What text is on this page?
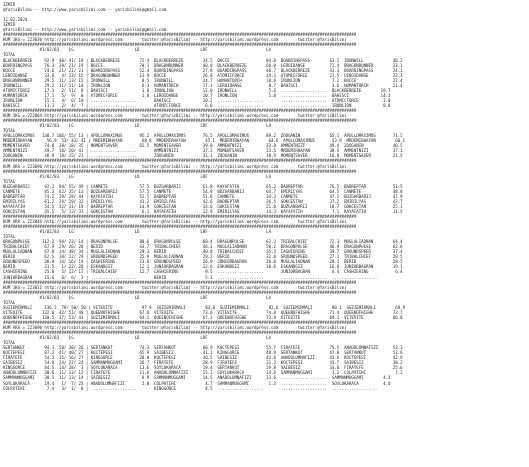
IZMIR
@YarisBilimi -- http://www.yarisbilimi.com -- yarisbilimi@gmail.com
12.02.2024
IZMIR
@YarisBilimi -- http://www.yarisbilimi.com -- yarisbilimi@gmail.com
#################################################################################################################################################
KUM 1KG = 223030 http://yarisbilimi.wordpress.com        twitter:@YarisBilimi -- http://yarisbilimi.wordpress.com        twitter:@YarisBilimi
#################################################################################################################################################
#1/02/83    LG                         LD                         LRF                        LA
TOTAL
BLACKBERREZE     92.9  40/ 41/ 19 | BLACKBERREZE        72.4  BLACKBERREZE        34.5  BOCCE               84.0  BOARDINGPASS        63.1  IRONWILL            48.2
BOARDINGPASS     76.3  28/ 21/ 19 | BOCCE               70.1  DRAGONRUNNER        40.0  BLACKBERREZE        60.0  LEROIDANSE          72.4  DRAGONRUNNER        23.1
BOCCE            74.6  21/ 21/ 21 | BOARDINGPASS        52.4  BOARDINGPASS        27.8  BOARDINGPASS        40.7  BLACKBERREZE        41.3  BOARDINGPASS        24.1
LEROIDANSE       33.8   4/ 13/ 15 | DRAGONRUNNER        13.9  BOCCE               26.0  ATOMICFORCE         14.3  ATOMICFORCE         21.5  LEROIDANSE          23.3
DRAGONRUNNER     29.5  11/ 13/ 15 | IRONWILL             8.5  IRONWILL            24.7  HUMANTORCH          10.8  IRONLION             7.2  BOCCE               22.4
IRONWILL         29.2  11/ 11/ 10 | IRONLION             6.3  HUMANTORCH          17.3  LEROIDANSE           8.7  BAHISCI              3.6  HUMANTORCH          21.4
ATOMICFORCE      17.3   2/ 11/  8 | BAHISCI              3.6  IRONLION            12.0  IRONWILL             5.6  ...................  BLACKBERREZE        19.7
HUMANTORCH       17.1   5/  9/  8 | ATOMICFORCE          1.8  LEROIDANSE          10.7  IRONLION             5.0  ...................  BAHISCI             14.3
IRONLION         15.1   4/  6/ 10 | ...................       BAHISCI             10.2  ...................       ...................  ATOMICFORCE          3.0
BAHISCI          11.3   2/  4/  7 | ...................       ATOMICFORCE          6.0  ...................       ...................  IRONLION             0.8
#################################################################################################################################################
KUM 1KG = 222064 http://yarisbilimi.wordpress.com        twitter:@YarisBilimi -- http://yarisbilimi.wordpress.com        twitter:@YarisBilimi
#################################################################################################################################################
#1/02/83    LG                         LD                         LRF                        LA
TOTAL
APOLLOMAXIMUS   138.7 106/ 55/ 13 | APOLLOMAXIMUS       95.2  APOLLOMAXIMUS       76.5  APOLLOMAXIMUS       89.2  ZOOGANIN            65.1  APOLLOMAXIMUS       71.5
MRDEMIRHAYAN      56.9  53/ 43/ 41 | MRDEMIRHAYAN        68.8  MRDEMIRHAYAN        45.1  MRDEMIRHAYAN        64.6  APOLLOMAXIMUS       53.9  MRDEMIRHAYAN        60.1
MOMENTSAVER      74.8  28/ 18/ 35 | MOMENTSAVER         65.5  MOMENTSAVER         39.0  AMMENTNIZI          33.8  AMMENTNIZI          49.4  ZOOGANIN            40.5
AMMENTNIZI       49.7  10/ 20/ 41 | ...................       AMMENTNIZI          37.2  MOMENTSAVER         33.5  MRDEMIRHAYAN        38.5  AMMENTNIZI          37.1
ZOOGANIN         46.9  18/ 15/ 21 | ...................       ZOOGANIN            31.3  ZOOGANIN            10.9  MOMENTSAVER         16.8  MOMENTSAVER         21.5
#################################################################################################################################################
KUM ARA = 223098 http://yarisbilimi.wordpress.com        twitter:@YarisBilimi -- http://yarisbilimi.wordpress.com        twitter:@YarisBilimi
#################################################################################################################################################
#1/02/83    LG                         LD                         LRF                        LA
TOTAL
BUZGARBARIJ      92.2  94/ 55/ 49 | CANMETE             57.5  BUZGARBARIJ         61.8  KAYAFATIH           65.2  BADREPTAR           76.5  BADREPTAR           51.5
CANMETE          85.3  62/ 35/ 13 | BUZGARBARIJ         57.5  CANMETE             54.9  BUZGARBARIJ         64.7  EMIRILYAS           64.5  CANMETE             48.8
BADREPTAR        74.2  29/ 28/ 44 | KAYAFATIH           52.5  BADREPTAR           51.6  CANMETE             34.3  CANMETE             47.2  BUZGARBARIJ         47.9
EMIRILYAS        61.2  24/ 29/ 32 | EMIRILYAS           41.2  EMIRILYAS           42.6  BADREPTAR           26.5  GOKCESTAN           37.2  EMIRILYAS           43.7
KAYAFATIH        54.5  32/ 31/ 19 | BADREPTAR           14.9  GOKCESTAN           14.6  GOKCESTAN           21.0  BUZGARBARIJ         18.7  GOKCESTAN           25.1
GOKCESTAN        35.5   5/ 12/ 31 | GOKCESTAN            6.1  KAYAFATIH           12.9  EMIRILYAS           14.3  KAYAFATIH            7.1  KAYAFATIH           11.5
#################################################################################################################################################
KUM ARA = 223046 http://yarisbilimi.wordpress.com        twitter:@YarisBilimi -- http://yarisbilimi.wordpress.com        twitter:@YarisBilimi
#################################################################################################################################################
#1/02/83    LG                         LD                         LRF                        LA
TOTAL
DRAGONPULSE     112.2  94/ 23/ 14 | DRAGONPULSE         80.6  DRAGONPULSE         60.4  DRAGONPULSE         62.3  TRIBALCHIEF         72.3  MUGLALIADNAN        64.4
TRIBALCHIEF      67.9  29/ 26/ 28 | BERID               43.7  TRIBALCHIEF         46.2  MUGLALIADNAN        58.2  DRAGONPULSE         46.9  DRAGONPULSE         62.6
MUGLALIADNAN     67.0  14/ 48/ 34 | MUGLALIADNAN        29.3  BERID               40.0  TRIBALCHIEF         35.3  CASHIERING          39.7  GROUNDSPEED         37.4
BERID            62.5  10/ 12/ 29 | GROUNDSPEED         25.9  MUGLALIADNAN        29.2  BERID               32.0  GROUNDSPEED         27.1  TRIBALCHIEF         29.5
GROUNDSPEED      36.8  14/ 16/ 19 | CASHIERING          23.6  GROUNDSPEED         26.0  JUNIORBAGRAN        26.0  MUGLALIADNAN        20.1  BERID               28.5
BERID            31.5   1/ 22/ 28 | ESKANDGIZ           12.1  JUNIORBAGRAN        12.6  ESKANDGIZ           10.6  ESKANDGIZ           16.8  JUNIORBAGRAN        19.1
CASHIERING       25.8   5/ 12/ 17 | TRIBALCHIEF         12.7  CASHIERING           9.5  ...................       JUNIORBAGRAN         6.4  CASHIERING           6.4
JUNIORBAGRAN     15.6   6/  6/  3 | ...................       BERID                5.1  ...................       ...................  ...................
#################################################################################################################################################
KUM 1KG = 223011 http://yarisbilimi.wordpress.com        twitter:@YarisBilimi -- http://yarisbilimi.wordpress.com        twitter:@YarisBilimi
#################################################################################################################################################
#1/02/83    LG                         LD                         LRF                        LA
TOTAL
SUZIEMIRMALI     136.5  79/ 50/ 50 | VITEVITE            97.9  SUZIEMIRMALI        83.8  SUZIEMIRMALI        82.6  SUZIEMIRMALI        80.1  SUZIEMIRMALI        69.9
VITEVITE        132.0  42/ 51/ 40 | QUEENOFHIGHE        67.6  VITEVITE            73.6  VITEVITE            74.0  QUEENOFHIGHE        71.4  QUEENOFHIGHE        72.7
QUEENOFHIGHE    130.5  37/ 53/ 43 | SUZIEMIRMALI        64.1  QUEENOFHIGHE        67.3  QUEENOFHIGHE        72.9  VITEVITE            69.1  VITEVITE            66.8
#################################################################################################################################################
KUM ARA = 223090 http://yarisbilimi.wordpress.com        twitter:@YarisBilimi -- http://yarisbilimi.wordpress.com        twitter:@YarisBilimi
#################################################################################################################################################
#1/02/83    LG                         LD                         LRF                        LA
TOTAL
SERTANKUT        94.1  50/ 30/ 26 | SERTANKUT           74.3  SERTANKUT           60.9  KOCTEPESI           55.7  FIRATEFE            75.5  ANADOLUMNAFIZI      53.3
KOCTEPESI        87.2  41/ 40/ 27 | KOCTEPESI           65.9  SAIBESIZ            41.1  KINGGORCE           48.9  SERTANKUT           47.0  SERTANKUT           51.6
FIRATEFE         54.3  35/ 16/ 27 | KINGGORCE           28.8  KOCTEPESI           30.5  SAIBESIZ            43.6  ANADOLUMNAFIZI      43.6  KOCTEPESI           42.9
SAIBESIZ         54.0  24/ 22/ 24 | SAMMANMUGGAMI       26.7  FIRATEFE            28.9  FIRATEFE            31.2  KOCTEPESI           43.7  SAIBESIZ            38.2
KINGGORCE        44.5  14/ 28/  3 | SOYLUKARACA         13.6  SOYLUKARACA         19.4  SERTANKUT           29.8  SAIBESIZ            33.0  FIRATEFE            25.6
ANADOLUMNAFIZI   30.6  11/ 13/ 12 | FIRATEFE            11.6  ANADOLUMNAFIZI      15.1  SOYLUKARACA         14.6  SAMMANMUGGAMI        3.2  COLPATIHI            7.2
SAMMANMUGGAMI    30.5  11/ 13/ 14 | SAIBESIZ             8.9  SAMMANMUGGAMI       14.5  ANADOLUMNAFIZI      13.6  ...................  SAMMANMUGGAMI        4.3
SOYLUKARACA      19.4   1/  7/ 25 | ANADOLUMNAFIZI       2.0  COLPATIHI            4.7  SAMMANMUGGAMI        1.3  ...................  SOYLUKARACA          4.0
COLPATIHI         7.4   3/  1/  8 | ...................       KINGGORCE            4.5  ...................       ...................  ...................
